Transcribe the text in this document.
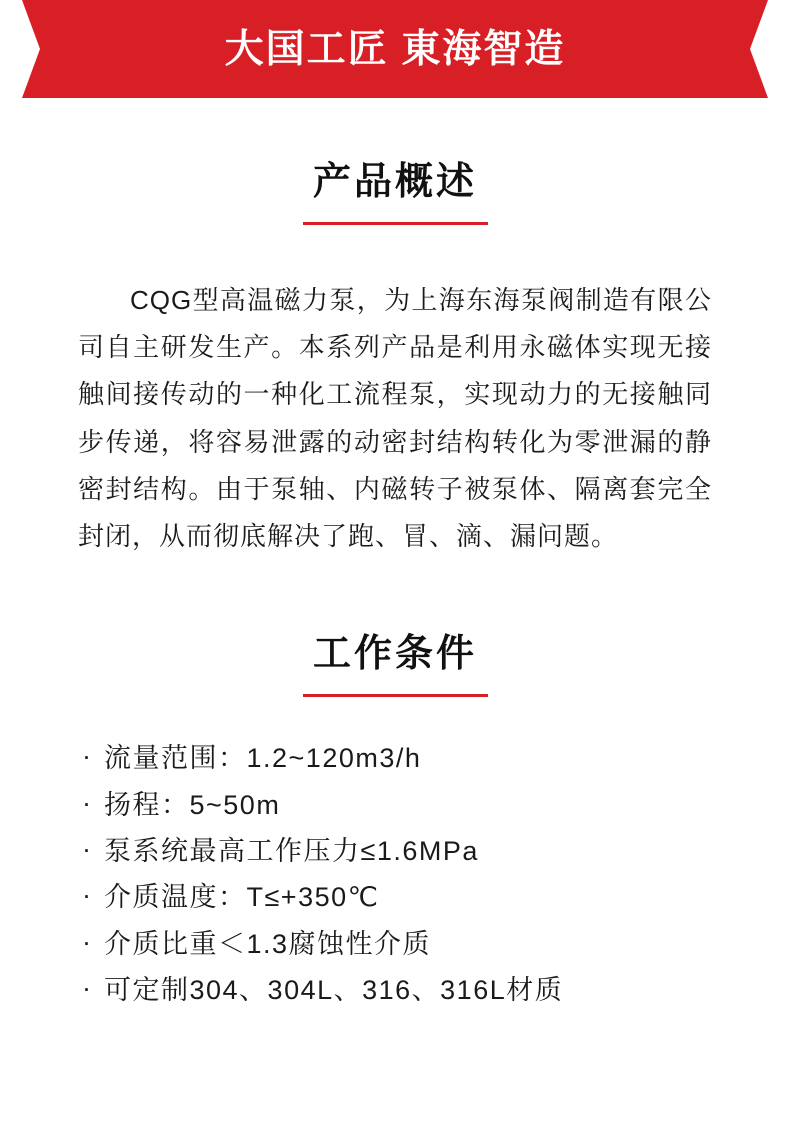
大国工匠 東海智造
产品概述

CQG型高温磁力泵，为上海东海泵阀制造有限公司自主研发生产。本系列产品是利用永磁体实现无接触间接传动的一种化工流程泵，实现动力的无接触同步传递，将容易泄露的动密封结构转化为零泄漏的静密封结构。由于泵轴、内磁转子被泵体、隔离套完全封闭，从而彻底解决了跑、冒、滴、漏问题。

工作条件
· 流量范围：1.2~120m3/h
· 扬程：5~50m
· 泵系统最高工作压力≤1.6MPa
· 介质温度：T≤+350℃
· 介质比重＜1.3腐蚀性介质
· 可定制304、304L、316、316L材质
